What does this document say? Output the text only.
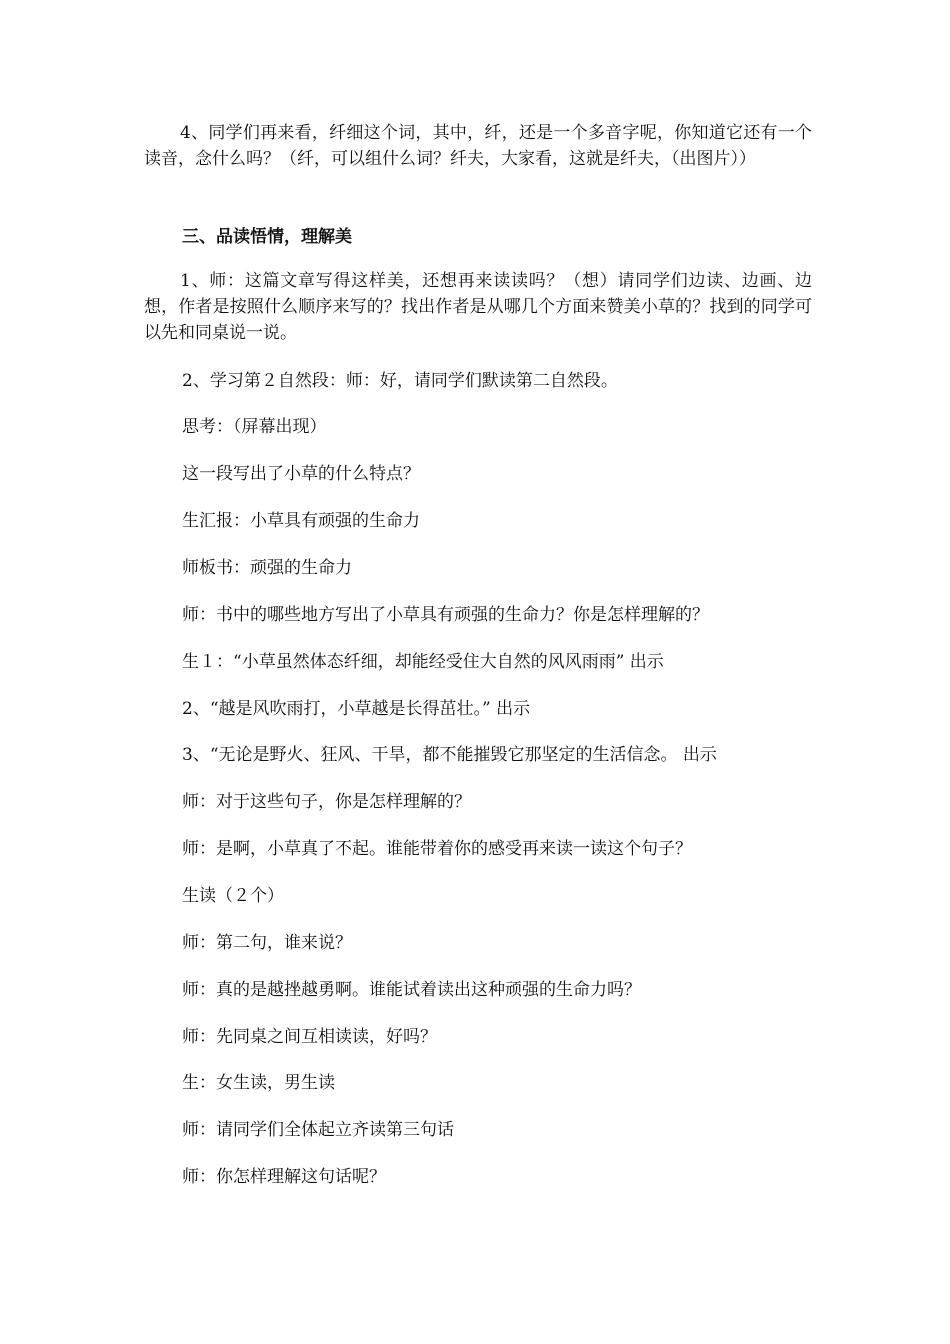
4、同学们再来看，纤细这个词，其中，纤，还是一个多音字呢，你知道它还有一个读音，念什么吗？（纤，可以组什么词？纤夫，大家看，这就是纤夫，（出图片））

三、品读悟情，理解美

1、师：这篇文章写得这样美，还想再来读读吗？（想）请同学们边读、边画、边想，作者是按照什么顺序来写的？找出作者是从哪几个方面来赞美小草的？找到的同学可以先和同桌说一说。

2、学习第２自然段：师：好，请同学们默读第二自然段。

思考：（屏幕出现）

这一段写出了小草的什么特点？

生汇报：小草具有顽强的生命力

师板书：顽强的生命力

师：书中的哪些地方写出了小草具有顽强的生命力？你是怎样理解的？

生１：“小草虽然体态纤细，却能经受住大自然的风风雨雨” 出示

2、“越是风吹雨打，小草越是长得茁壮。” 出示

3、“无论是野火、狂风、干旱，都不能摧毁它那坚定的生活信念。 出示

师：对于这些句子，你是怎样理解的？

师：是啊，小草真了不起。谁能带着你的感受再来读一读这个句子？

生读（２个）

师：第二句，谁来说？

师：真的是越挫越勇啊。谁能试着读出这种顽强的生命力吗？

师：先同桌之间互相读读，好吗？

生：女生读，男生读

师：请同学们全体起立齐读第三句话

师：你怎样理解这句话呢？
